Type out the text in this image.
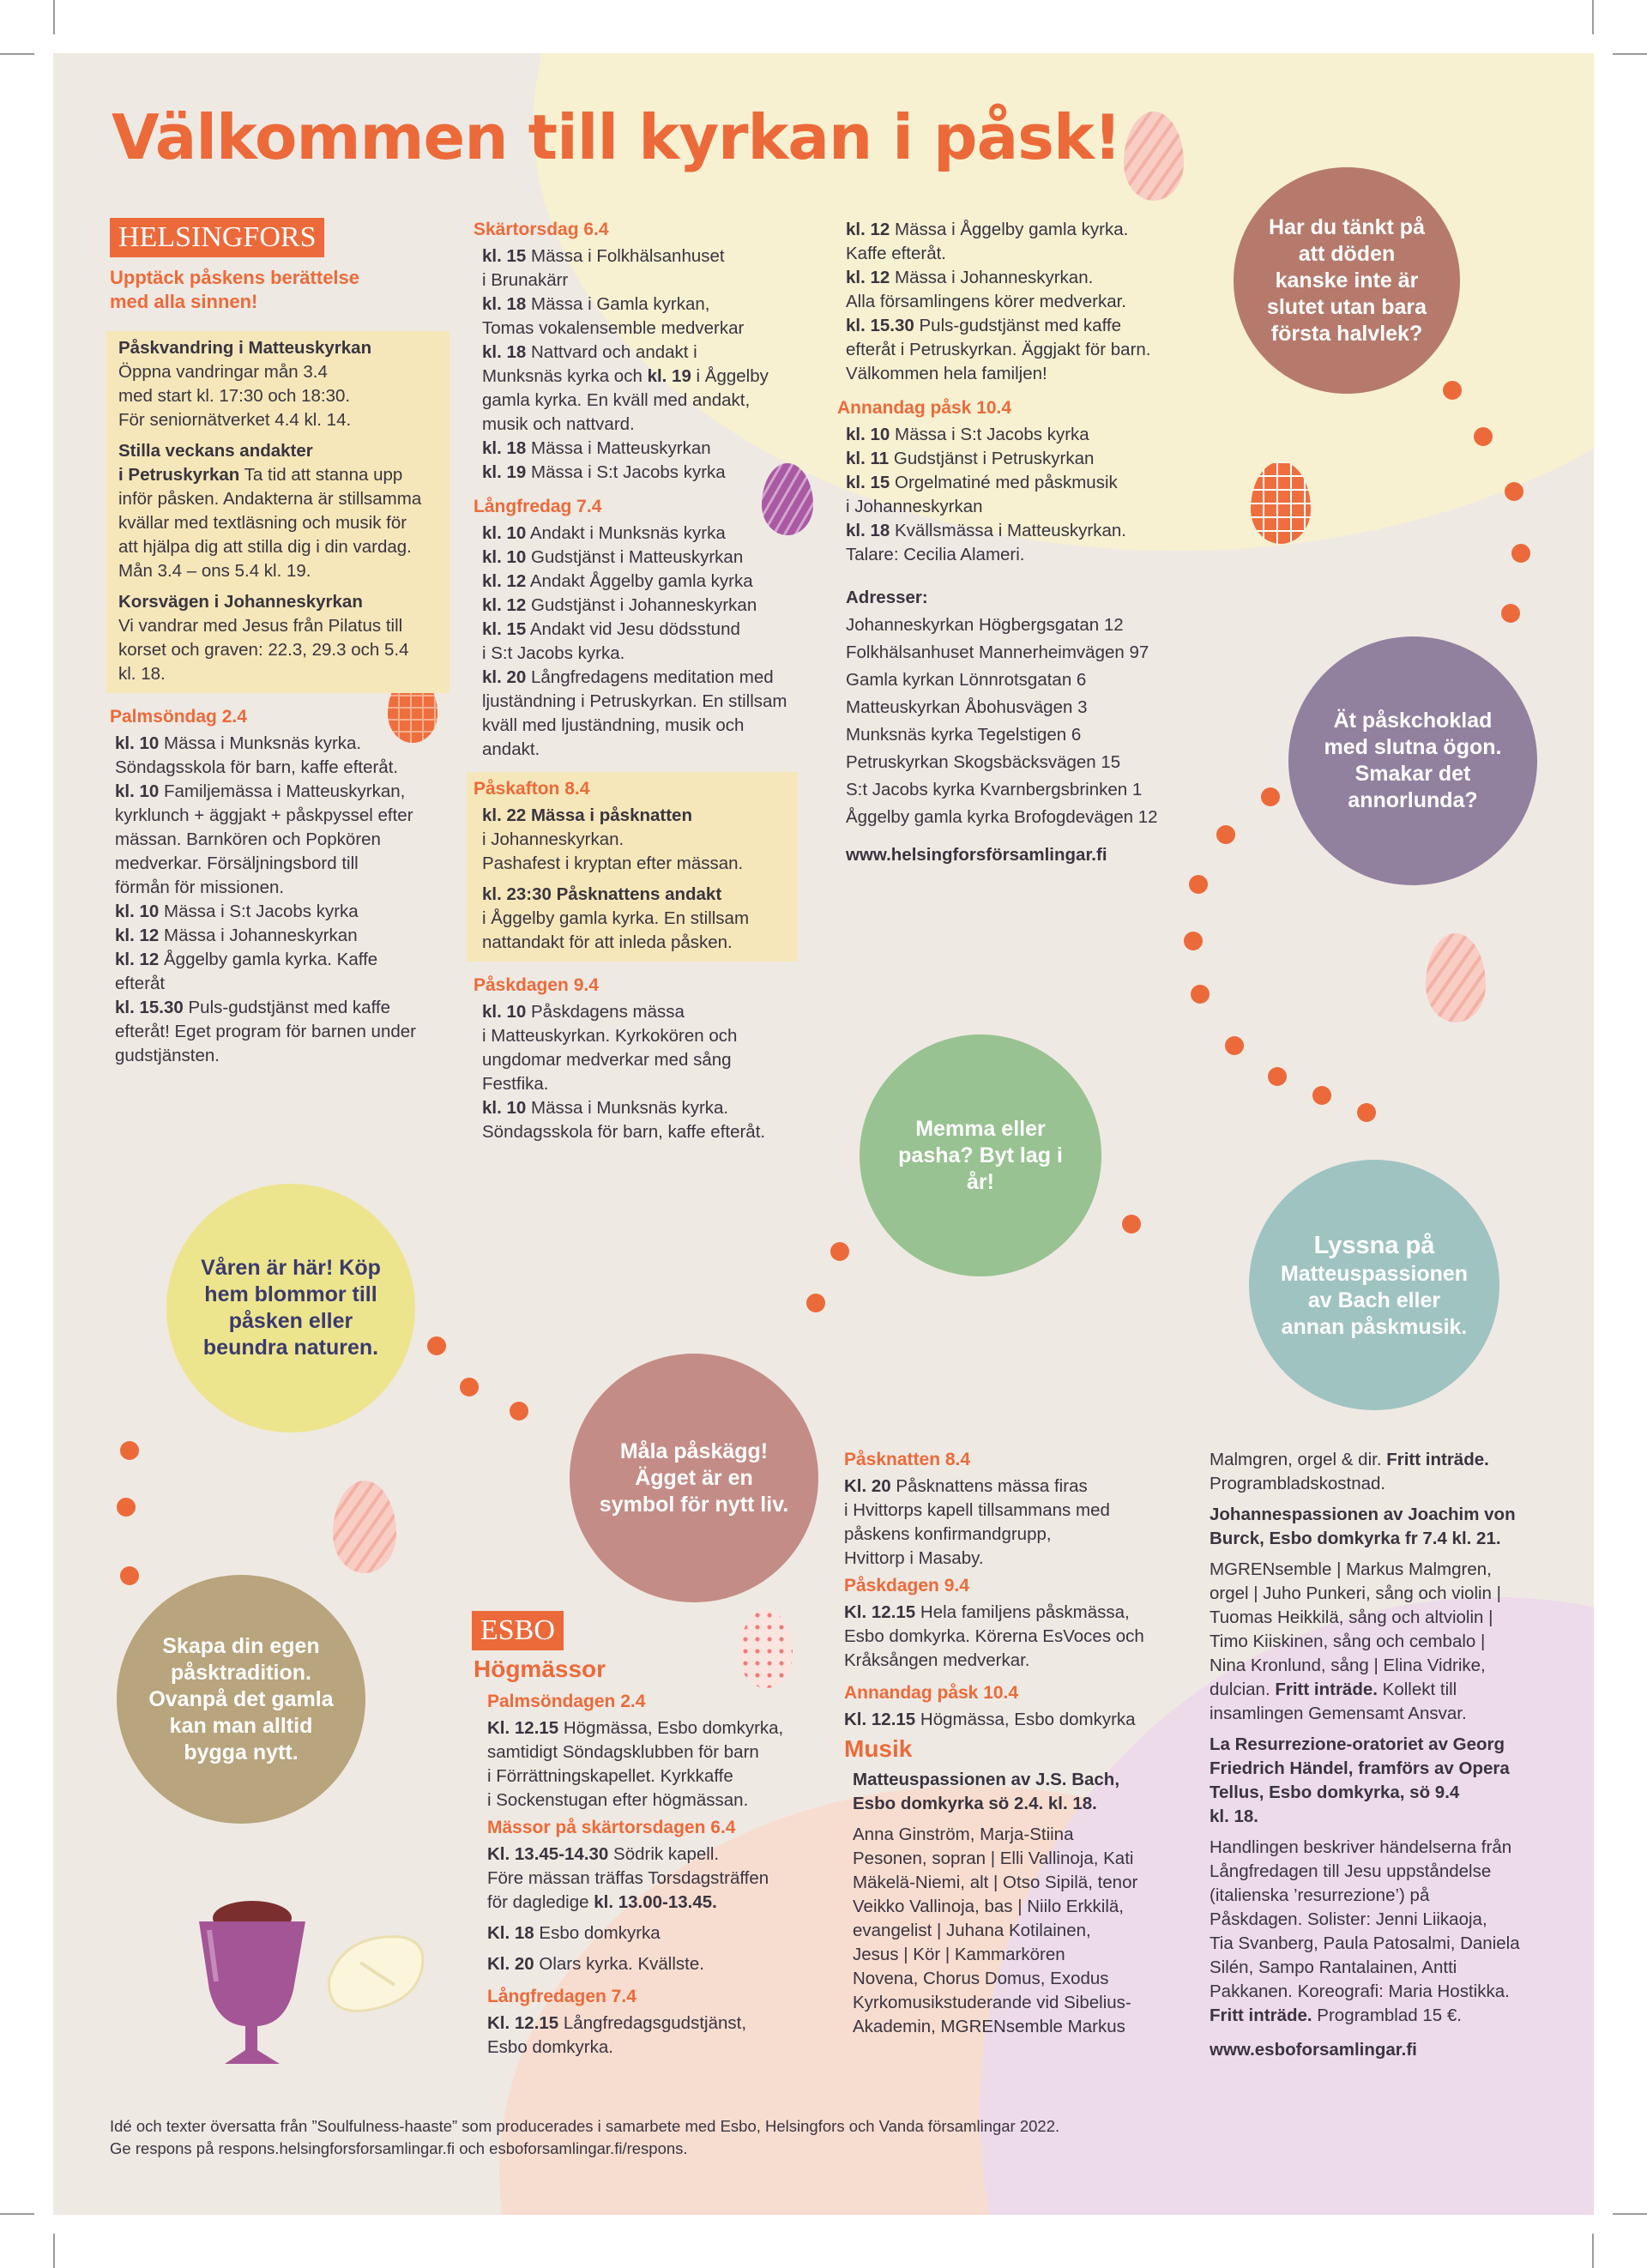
Välkommen till kyrkan i påsk!
HELSINGFORS
Upptäck påskens berättelse
med alla sinnen!

Påskvandring i Matteuskyrkan

Öppna vandringar mån 3.4

med start kl. 17:30 och 18:30.

För seniornätverket 4.4 kl. 14.

Stilla veckans andakter

i Petruskyrkan Ta tid att stanna upp

inför påsken. Andakterna är stillsamma

kvällar med textläsning och musik för

att hjälpa dig att stilla dig i din vardag.

Mån 3.4 – ons 5.4 kl. 19.

Korsvägen i Johanneskyrkan

Vi vandrar med Jesus från Pilatus till

korset och graven: 22.3, 29.3 och 5.4

kl. 18.

Palmsöndag 2.4

kl. 10 Mässa i Munksnäs kyrka.

Söndagsskola för barn, kaffe efteråt.

kl. 10 Familjemässa i Matteuskyrkan,

kyrklunch + äggjakt + påskpyssel efter

mässan. Barnkören och Popkören

medverkar. Försäljningsbord till

förmån för missionen.

kl. 10 Mässa i S:t Jacobs kyrka

kl. 12 Mässa i Johanneskyrkan

kl. 12 Åggelby gamla kyrka. Kaffe

efteråt

kl. 15.30 Puls-gudstjänst med kaffe

efteråt! Eget program för barnen under

gudstjänsten.

Skärtorsdag 6.4

kl. 15 Mässa i Folkhälsanhuset

i Brunakärr

kl. 18 Mässa i Gamla kyrkan,

Tomas vokalensemble medverkar

kl. 18 Nattvard och andakt i

Munksnäs kyrka och kl. 19 i Åggelby

gamla kyrka. En kväll med andakt,

musik och nattvard.

kl. 18 Mässa i Matteuskyrkan

kl. 19 Mässa i S:t Jacobs kyrka

Långfredag 7.4

kl. 10 Andakt i Munksnäs kyrka

kl. 10 Gudstjänst i Matteuskyrkan

kl. 12 Andakt Åggelby gamla kyrka

kl. 12 Gudstjänst i Johanneskyrkan

kl. 15 Andakt vid Jesu dödsstund

i S:t Jacobs kyrka.

kl. 20 Långfredagens meditation med

ljuständning i Petruskyrkan. En stillsam

kväll med ljuständning, musik och

andakt.

Påskafton 8.4

kl. 22 Mässa i påsknatten

i Johanneskyrkan.

Pashafest i kryptan efter mässan.

kl. 23:30 Påsknattens andakt

i Åggelby gamla kyrka. En stillsam

nattandakt för att inleda påsken.

Påskdagen 9.4

kl. 10 Påskdagens mässa

i Matteuskyrkan. Kyrkokören och

ungdomar medverkar med sång

Festfika.

kl. 10 Mässa i Munksnäs kyrka.

Söndagsskola för barn, kaffe efteråt.

kl. 12 Mässa i Åggelby gamla kyrka.

Kaffe efteråt.

kl. 12 Mässa i Johanneskyrkan.

Alla församlingens körer medverkar.

kl. 15.30 Puls-gudstjänst med kaffe

efteråt i Petruskyrkan. Äggjakt för barn.

Välkommen hela familjen!

Annandag påsk 10.4

kl. 10 Mässa i S:t Jacobs kyrka

kl. 11 Gudstjänst i Petruskyrkan

kl. 15 Orgelmatiné med påskmusik

i Johanneskyrkan

kl. 18 Kvällsmässa i Matteuskyrkan.

Talare: Cecilia Alameri.

Adresser:

Johanneskyrkan Högbergsgatan 12

Folkhälsanhuset Mannerheimvägen 97

Gamla kyrkan Lönnrotsgatan 6

Matteuskyrkan Åbohusvägen 3

Munksnäs kyrka Tegelstigen 6

Petruskyrkan Skogsbäcksvägen 15

S:t Jacobs kyrka Kvarnbergsbrinken 1

Åggelby gamla kyrka Brofogdevägen 12

www.helsingforsförsamlingar.fi

Har du tänkt på att döden kanske inte är slutet utan bara första halvlek?
Ät påskchoklad med slutna ögon. Smakar det annorlunda?
Memma eller pasha? Byt lag i år!
Lyssna på
Matteuspassionen av Bach eller annan påskmusik.
Våren är här! Köp hem blommor till påsken eller beundra naturen.
Måla påskägg! Ägget är en symbol för nytt liv.
Skapa din egen påsktradition. Ovanpå det gamla kan man alltid bygga nytt.
ESBO
Högmässor
Palmsöndagen 2.4

Kl. 12.15 Högmässa, Esbo domkyrka,

samtidigt Söndagsklubben för barn

i Förrättningskapellet. Kyrkkaffe

i Sockenstugan efter högmässan.

Mässor på skärtorsdagen 6.4

Kl. 13.45-14.30 Södrik kapell.

Före mässan träffas Torsdagsträffen

för dagledige kl. 13.00-13.45.

Kl. 18 Esbo domkyrka

Kl. 20 Olars kyrka. Kvällste.

Långfredagen 7.4

Kl. 12.15 Långfredagsgudstjänst,

Esbo domkyrka.

Påsknatten 8.4

Kl. 20 Påsknattens mässa firas

i Hvittorps kapell tillsammans med

påskens konfirmandgrupp,

Hvittorp i Masaby.

Påskdagen 9.4

Kl. 12.15 Hela familjens påskmässa,

Esbo domkyrka. Körerna EsVoces och

Kråksången medverkar.

Annandag påsk 10.4

Kl. 12.15 Högmässa, Esbo domkyrka

Musik

Matteuspassionen av J.S. Bach,

Esbo domkyrka sö 2.4. kl. 18.

Anna Ginström, Marja-Stiina

Pesonen, sopran | Elli Vallinoja, Kati

Mäkelä-Niemi, alt | Otso Sipilä, tenor

Veikko Vallinoja, bas | Niilo Erkkilä,

evangelist | Juhana Kotilainen,

Jesus | Kör | Kammarkören

Novena, Chorus Domus, Exodus

Kyrkomusikstuderande vid Sibelius-

Akademin, MGRENsemble Markus

Malmgren, orgel & dir. Fritt inträde.

Programbladskostnad.

Johannespassionen av Joachim von

Burck, Esbo domkyrka fr 7.4 kl. 21.

MGRENsemble | Markus Malmgren,

orgel | Juho Punkeri, sång och violin |

Tuomas Heikkilä, sång och altviolin |

Timo Kiiskinen, sång och cembalo |

Nina Kronlund, sång | Elina Vidrike,

dulcian. Fritt inträde. Kollekt till

insamlingen Gemensamt Ansvar.

La Resurrezione-oratoriet av Georg

Friedrich Händel, framförs av Opera

Tellus, Esbo domkyrka, sö 9.4

kl. 18.

Handlingen beskriver händelserna från

Långfredagen till Jesu uppståndelse

(italienska ’resurrezione’) på

Påskdagen. Solister: Jenni Liikaoja,

Tia Svanberg, Paula Patosalmi, Daniela

Silén, Sampo Rantalainen, Antti

Pakkanen. Koreografi: Maria Hostikka.

Fritt inträde. Programblad 15 €.

www.esboforsamlingar.fi

Idé och texter översatta från ”Soulfulness-haaste” som producerades i samarbete med Esbo, Helsingfors och Vanda församlingar 2022.

Ge respons på respons.helsingforsforsamlingar.fi och esboforsamlingar.fi/respons.
